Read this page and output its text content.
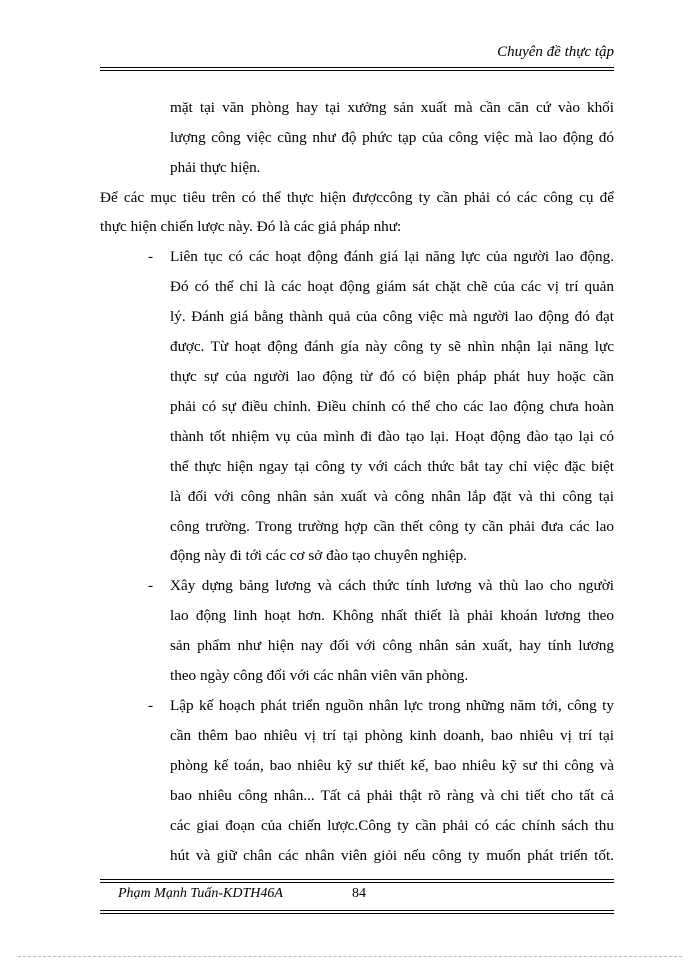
Chuyên đề thực tập
mặt tại văn phòng hay tại xưởng sản xuất mà cần căn cứ vào khối
lượng công việc cũng như độ phức tạp của công việc mà lao động đó
phải thực hiện.
Để các mục tiêu trên có thể thực hiện đượccông ty cần phải có các công cụ để
thực hiện chiến lược này. Đó là các giả pháp như:
- Liên tục có các hoạt động đánh giá lại năng lực của người lao động.
Đó có thể chỉ là các hoạt động giám sát chặt chẽ của các vị trí quản
lý. Đánh giá bằng thành quả của công việc mà người lao động đó đạt
được. Từ hoạt động đánh gía này công ty sẽ nhìn nhận lại năng lực
thực sự của người lao động từ đó có biện pháp phát huy hoặc cần
phải có sự điều chỉnh. Điều chỉnh có thể cho các lao động chưa hoàn
thành tốt nhiệm vụ của mình đi đào tạo lại. Hoạt động đào tạo lại có
thể thực hiện ngay tại công ty với cách thức bắt tay chỉ việc đặc biệt
là đối với công nhân sản xuất và công nhân lắp đặt và thi công tại
công trường. Trong trường hợp cần thết công ty cần phải đưa các lao
động này đi tới các cơ sở đào tạo chuyên nghiệp.
- Xây dựng bảng lương và cách thức tính lương và thù lao cho người
lao động linh hoạt hơn. Không nhất thiết là phải khoán lương theo
sản phẩm như hiện nay đối với công nhân sản xuất, hay tính lương
theo ngày công đối với các nhân viên văn phòng.
- Lập kế hoạch phát triển nguồn nhân lực trong những năm tới, công ty
cần thêm bao nhiêu vị trí tại phòng kinh doanh, bao nhiêu vị trí tại
phòng kế toán, bao nhiêu kỹ sư thiết kế, bao nhiêu kỹ sư thi công và
bao nhiêu công nhân... Tất cả phải thật rõ ràng và chi tiết cho tất cả
các giai đoạn của chiến lược.Công ty cần phải có các chính sách thu
hút và giữ chân các nhân viên giỏi nếu công ty muốn phát triển tốt.
Phạm Mạnh Tuấn-KDTH46A	84
